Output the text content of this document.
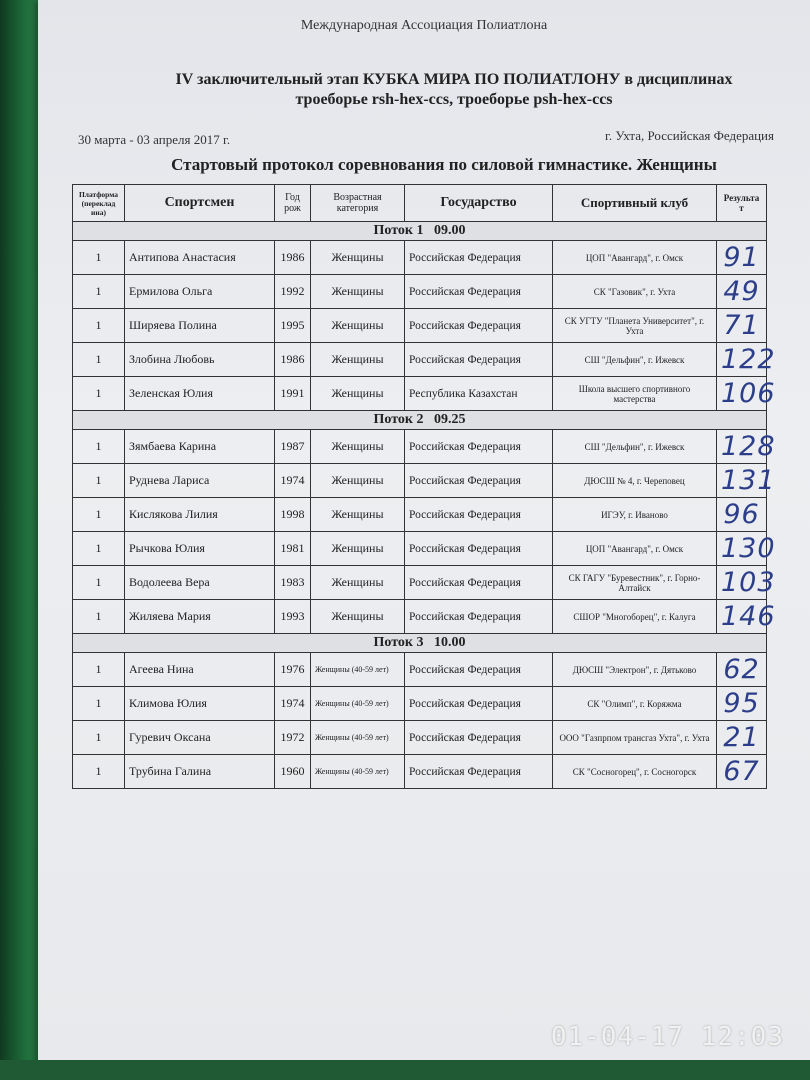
Международная Ассоциация Полиатлона
IV заключительный этап КУБКА МИРА ПО ПОЛИАТЛОНУ в дисциплинах
троеборье rsh-hex-ccs, троеборье psh-hex-ccs
30 марта - 03 апреля 2017 г.	г. Ухта, Российская Федерация
Стартовый протокол соревнования по силовой гимнастике. Женщины
Платформа (переклад ина)	Спортсмен	Год рож	Возрастная категория	Государство	Спортивный клуб	Результа т
Поток 1   09.00						
1	Антипова Анастасия	1986	Женщины	Российская Федерация	ЦОП "Авангард", г. Омск	91
1	Ермилова Ольга	1992	Женщины	Российская Федерация	СК "Газовик", г. Ухта	49
1	Ширяева Полина	1995	Женщины	Российская Федерация	СК УГТУ "Планета Университет", г. Ухта	71
1	Злобина Любовь	1986	Женщины	Российская Федерация	СШ "Дельфин", г. Ижевск	122
1	Зеленская Юлия	1991	Женщины	Республика Казахстан	Школа высшего спортивного мастерства	106
Поток 2   09.25						
1	Зямбаева Карина	1987	Женщины	Российская Федерация	СШ "Дельфин", г. Ижевск	128
1	Руднева Лариса	1974	Женщины	Российская Федерация	ДЮСШ № 4, г. Череповец	131
1	Кислякова Лилия	1998	Женщины	Российская Федерация	ИГЭУ, г. Иваново	96
1	Рычкова Юлия	1981	Женщины	Российская Федерация	ЦОП "Авангард", г. Омск	130
1	Водолеева Вера	1983	Женщины	Российская Федерация	СК ГАГУ "Буревестник", г. Горно-Алтайск	103
1	Жиляева Мария	1993	Женщины	Российская Федерация	СШОР "Многоборец", г. Калуга	146
Поток 3   10.00						
1	Агеева Нина	1976	Женщины (40-59 лет)	Российская Федерация	ДЮСШ "Электрон", г. Дятьково	62
1	Климова Юлия	1974	Женщины (40-59 лет)	Российская Федерация	СК "Олимп", г. Коряжма	95
1	Гуревич Оксана	1972	Женщины (40-59 лет)	Российская Федерация	ООО "Газпрпом трансгаз Ухта", г. Ухта	21
1	Трубина Галина	1960	Женщины (40-59 лет)	Российская Федерация	СК "Сосногорец", г. Сосногорск	67
01-04-17 12:03
